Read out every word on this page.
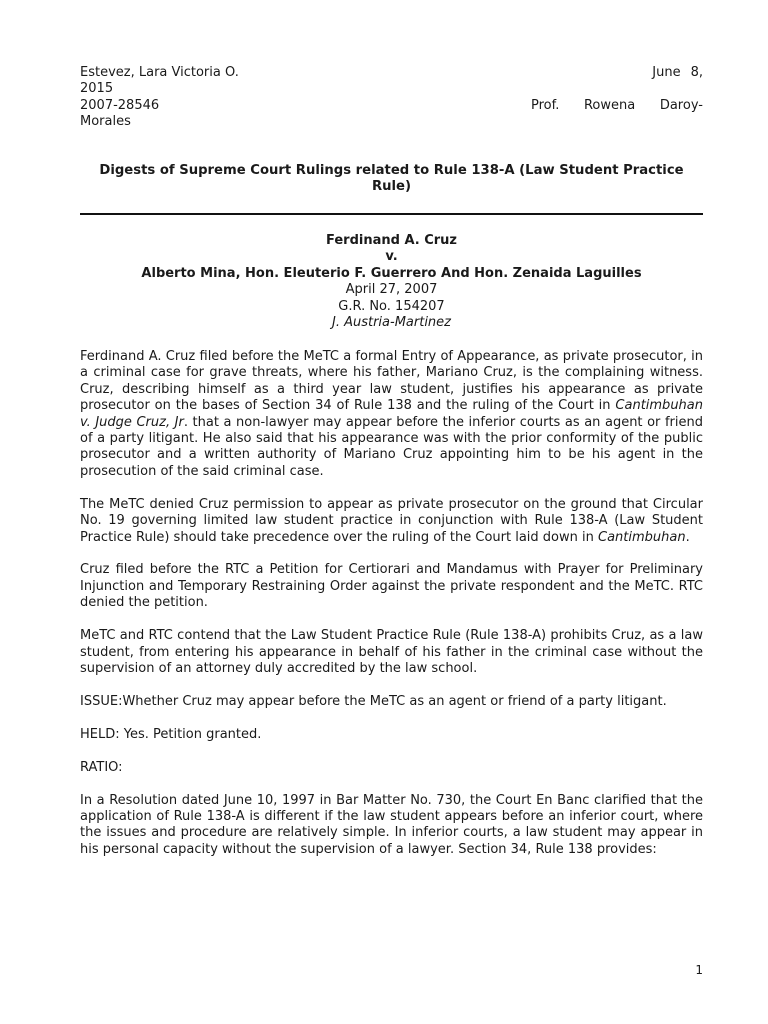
Estevez, Lara Victoria O.	June 8,
2015
2007-28546	Prof. Rowena Daroy-
Morales
Digests of Supreme Court Rulings related to Rule 138-A (Law Student Practice
Rule)
Ferdinand A. Cruz
v.
Alberto Mina, Hon. Eleuterio F. Guerrero And Hon. Zenaida Laguilles
April 27, 2007
G.R. No. 154207
J. Austria-Martinez

Ferdinand A. Cruz filed before the MeTC a formal Entry of Appearance, as private prosecutor, in a criminal case for grave threats, where his father, Mariano Cruz, is the complaining witness. Cruz, describing himself as a third year law student, justifies his appearance as private prosecutor on the bases of Section 34 of Rule 138 and the ruling of the Court in Cantimbuhan v. Judge Cruz, Jr. that a non-lawyer may appear before the inferior courts as an agent or friend of a party litigant. He also said that his appearance was with the prior conformity of the public prosecutor and a written authority of Mariano Cruz appointing him to be his agent in the prosecution of the said criminal case.

The MeTC denied Cruz permission to appear as private prosecutor on the ground that Circular No. 19 governing limited law student practice in conjunction with Rule 138-A (Law Student Practice Rule) should take precedence over the ruling of the Court laid down in Cantimbuhan.

Cruz filed before the RTC a Petition for Certiorari and Mandamus with Prayer for Preliminary Injunction and Temporary Restraining Order against the private respondent and the MeTC. RTC denied the petition.

MeTC and RTC contend that the Law Student Practice Rule (Rule 138-A) prohibits Cruz, as a law student, from entering his appearance in behalf of his father in the criminal case without the supervision of an attorney duly accredited by the law school.

ISSUE:Whether Cruz may appear before the MeTC as an agent or friend of a party litigant.

HELD: Yes. Petition granted.

RATIO:

In a Resolution dated June 10, 1997 in Bar Matter No. 730, the Court En Banc clarified that the application of Rule 138-A is different if the law student appears before an inferior court, where the issues and procedure are relatively simple. In inferior courts, a law student may appear in his personal capacity without the supervision of a lawyer. Section 34, Rule 138 provides:

1
